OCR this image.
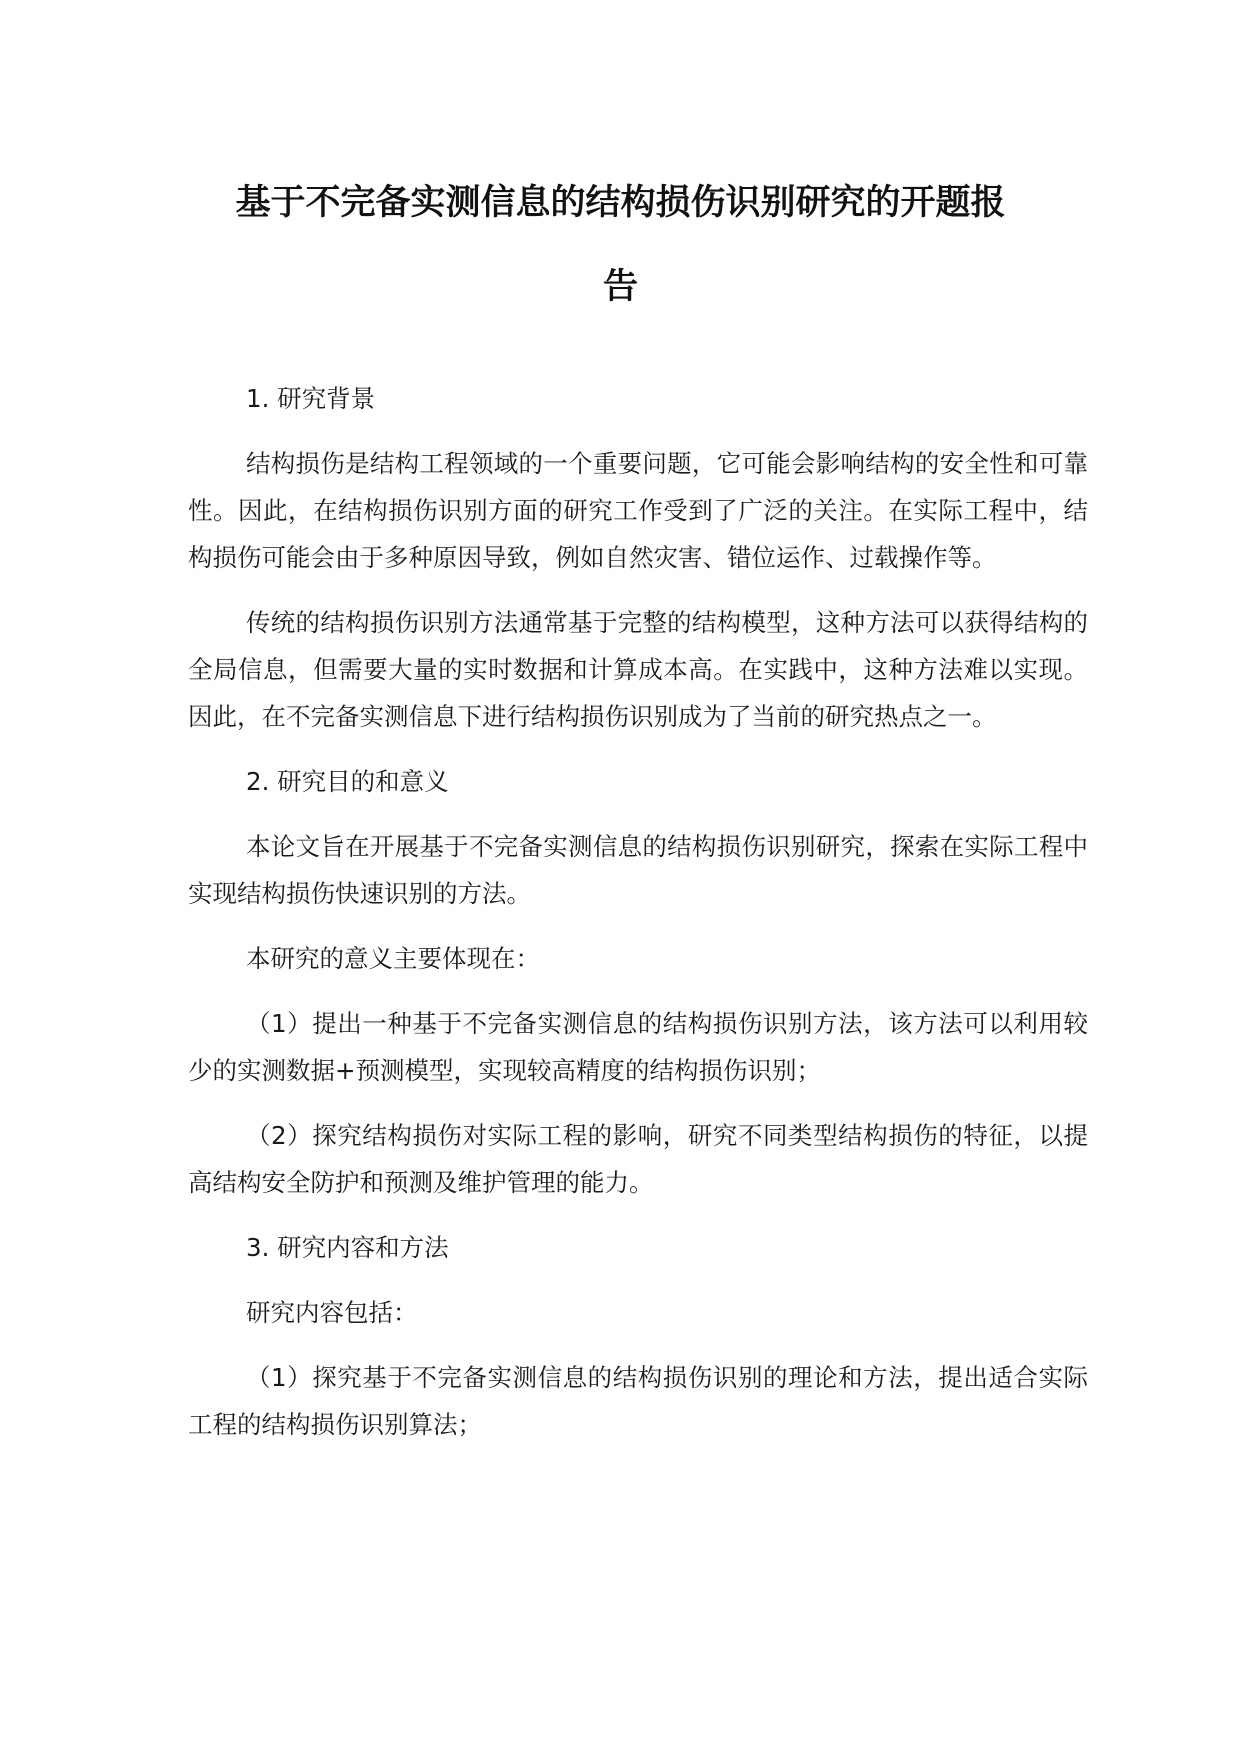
基于不完备实测信息的结构损伤识别研究的开题报
告

1. 研究背景

结构损伤是结构工程领域的一个重要问题，它可能会影响结构的安全性和可靠性。因此，在结构损伤识别方面的研究工作受到了广泛的关注。在实际工程中，结构损伤可能会由于多种原因导致，例如自然灾害、错位运作、过载操作等。

传统的结构损伤识别方法通常基于完整的结构模型，这种方法可以获得结构的全局信息，但需要大量的实时数据和计算成本高。在实践中，这种方法难以实现。因此，在不完备实测信息下进行结构损伤识别成为了当前的研究热点之一。

2. 研究目的和意义

本论文旨在开展基于不完备实测信息的结构损伤识别研究，探索在实际工程中实现结构损伤快速识别的方法。

本研究的意义主要体现在：

（1）提出一种基于不完备实测信息的结构损伤识别方法，该方法可以利用较少的实测数据+预测模型，实现较高精度的结构损伤识别；

（2）探究结构损伤对实际工程的影响，研究不同类型结构损伤的特征，以提高结构安全防护和预测及维护管理的能力。

3. 研究内容和方法

研究内容包括：

（1）探究基于不完备实测信息的结构损伤识别的理论和方法，提出适合实际工程的结构损伤识别算法；
